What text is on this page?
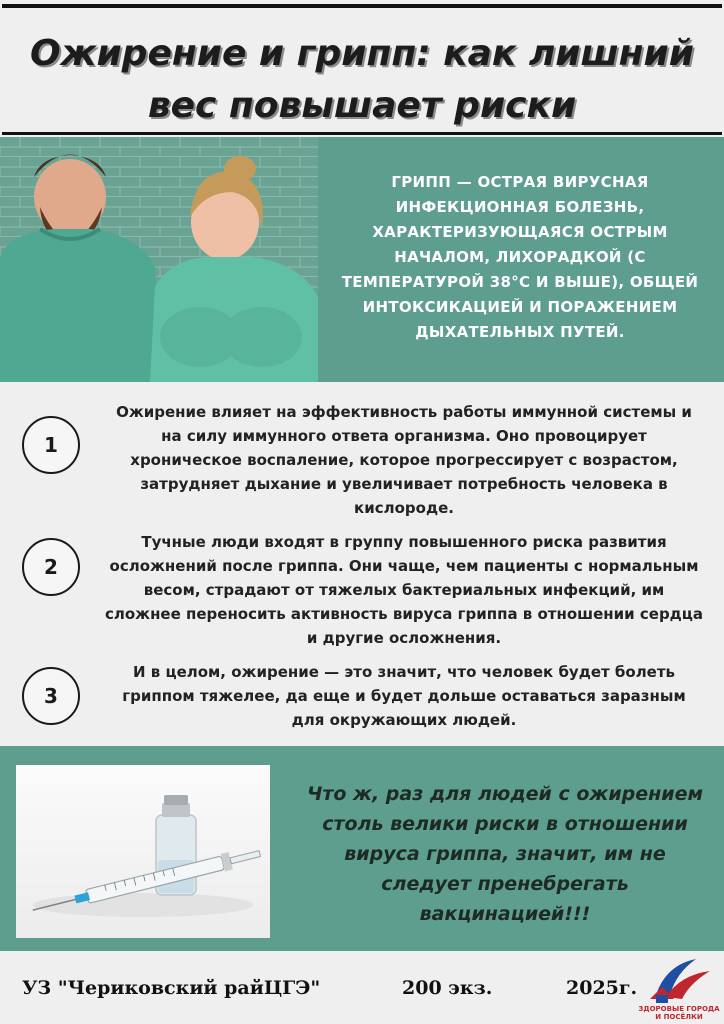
Ожирение и грипп: как лишний вес повышает риски
ГРИПП — ОСТРАЯ ВИРУСНАЯ ИНФЕКЦИОННАЯ БОЛЕЗНЬ, ХАРАКТЕРИЗУЮЩАЯСЯ ОСТРЫМ НАЧАЛОМ, ЛИХОРАДКОЙ (С ТЕМПЕРАТУРОЙ 38°С И ВЫШЕ), ОБЩЕЙ ИНТОКСИКАЦИЕЙ И ПОРАЖЕНИЕМ ДЫХАТЕЛЬНЫХ ПУТЕЙ.
1
Ожирение влияет на эффективность работы иммунной системы и на силу иммунного ответа организма. Оно провоцирует хроническое воспаление, которое прогрессирует с возрастом, затрудняет дыхание и увеличивает потребность человека в кислороде.
2
Тучные люди входят в группу повышенного риска развития осложнений после гриппа. Они чаще, чем пациенты с нормальным весом, страдают от тяжелых бактериальных инфекций, им сложнее переносить активность вируса гриппа в отношении сердца и другие осложнения.
3
И в целом, ожирение — это значит, что человек будет болеть гриппом тяжелее, да еще и будет дольше оставаться заразным для окружающих людей.
Что ж, раз для людей с ожирением столь велики риски в отношении вируса гриппа, значит, им не следует пренебрегать вакцинацией!!!
УЗ "Чериковский райЦГЭ"	200 экз.	2025г.
ЗДОРОВЫЕ ГОРОДА И ПОСЁЛКИ
